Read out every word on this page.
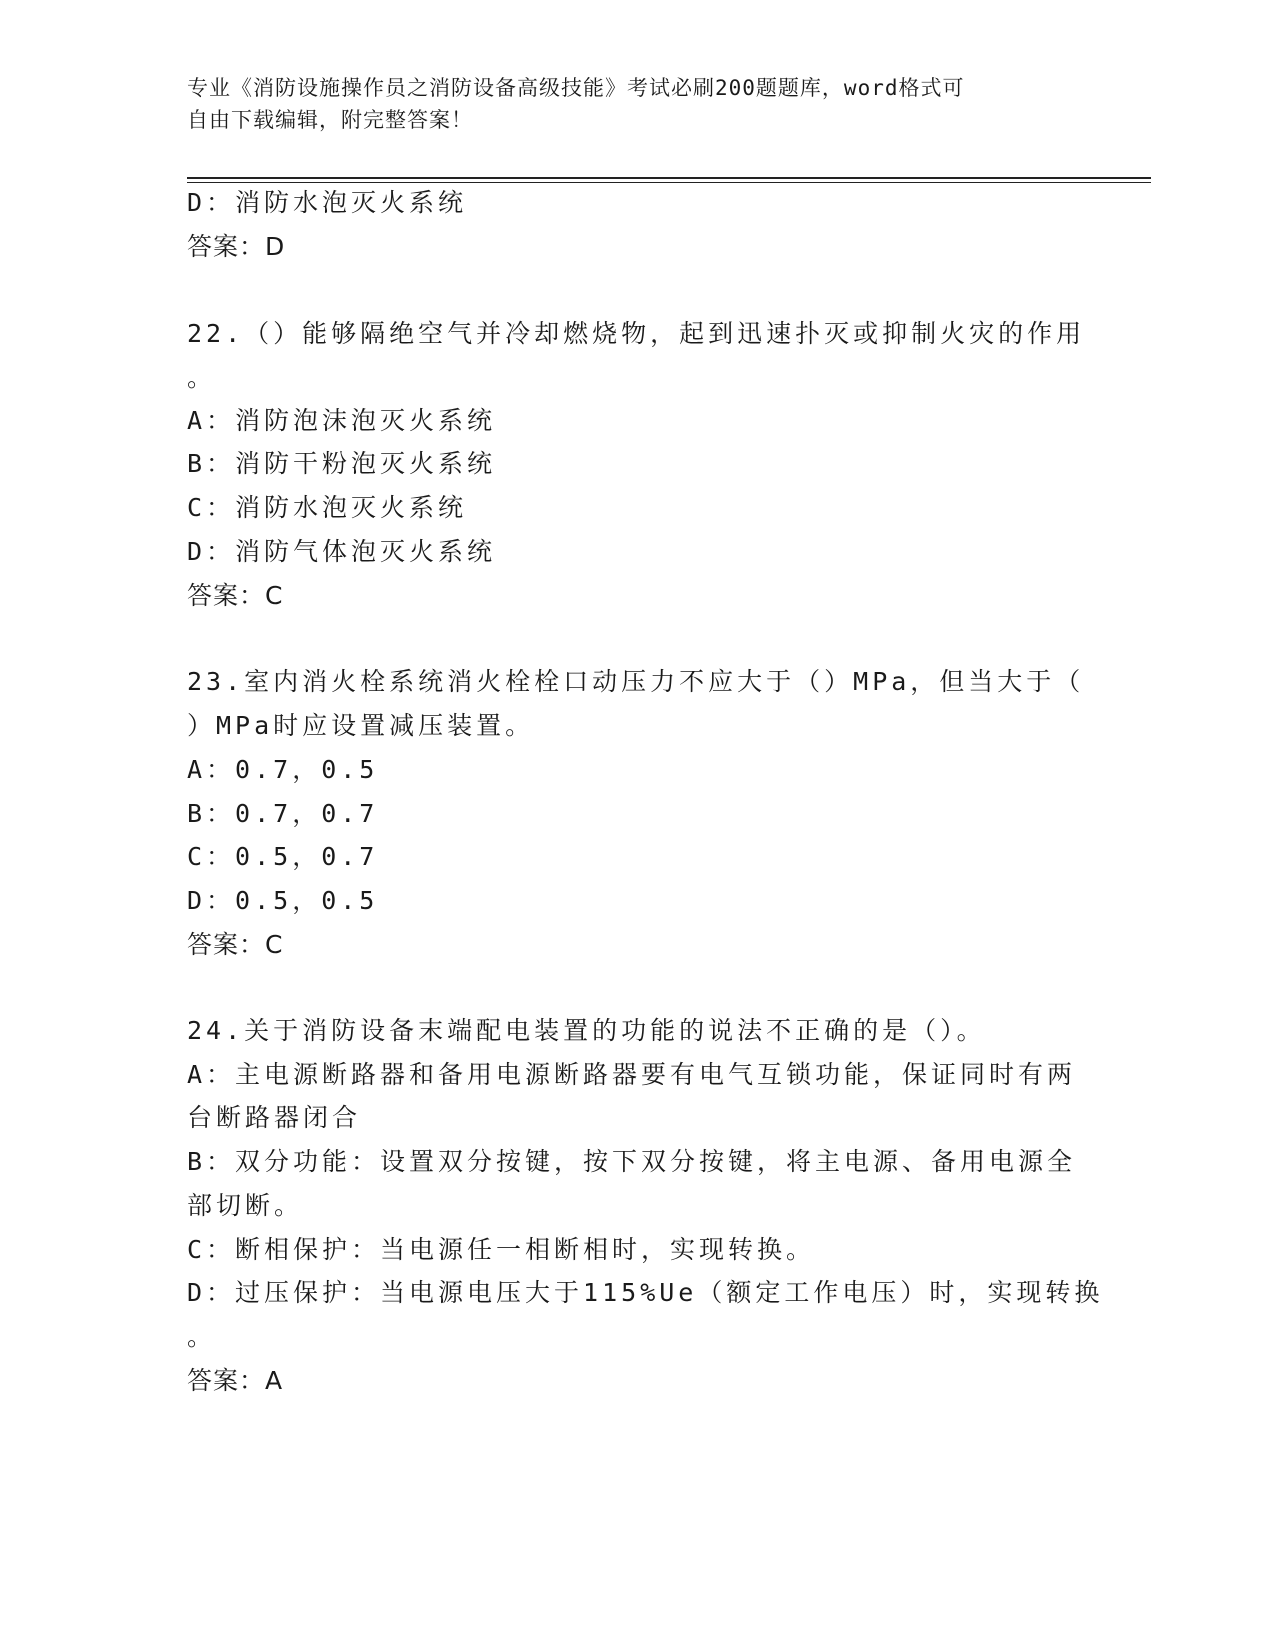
专业《消防设施操作员之消防设备高级技能》考试必刷200题题库，word格式可
自由下载编辑，附完整答案！
D：消防水泡灭火系统
答案：D
22.（）能够隔绝空气并冷却燃烧物，起到迅速扑灭或抑制火灾的作用
。
A：消防泡沫泡灭火系统
B：消防干粉泡灭火系统
C：消防水泡灭火系统
D：消防气体泡灭火系统
答案：C
23.室内消火栓系统消火栓栓口动压力不应大于（）MPa，但当大于（
）MPa时应设置减压装置。
A：0.7，0.5
B：0.7，0.7
C：0.5，0.7
D：0.5，0.5
答案：C
24.关于消防设备末端配电装置的功能的说法不正确的是（）。
A：主电源断路器和备用电源断路器要有电气互锁功能，保证同时有两
台断路器闭合
B：双分功能：设置双分按键，按下双分按键，将主电源、备用电源全
部切断。
C：断相保护：当电源任一相断相时，实现转换。
D：过压保护：当电源电压大于115%Ue（额定工作电压）时，实现转换
。
答案：A
